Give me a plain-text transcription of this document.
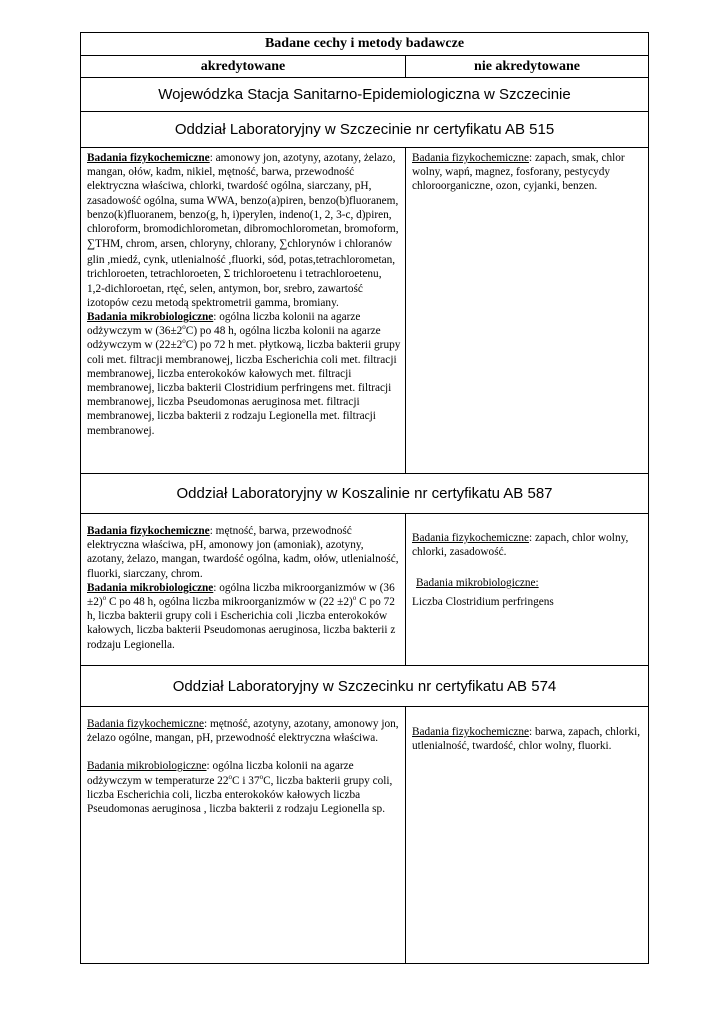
Badane cechy i metody badawcze
akredytowane	nie akredytowane
Wojewódzka Stacja Sanitarno-Epidemiologiczna w Szczecinie
Oddział Laboratoryjny w Szczecinie nr certyfikatu AB 515

Badania fizykochemiczne: amonowy jon, azotyny, azotany, żelazo, mangan, ołów, kadm, nikiel, mętność, barwa, przewodność elektryczna właściwa, chlorki, twardość ogólna, siarczany, pH, zasadowość ogólna, suma WWA, benzo(a)piren, benzo(b)fluoranem, benzo(k)fluoranem, benzo(g, h, i)perylen, indeno(1, 2, 3-c, d)piren, chloroform, bromodichlorometan, dibromochlorometan, bromoform,

∑THM, chrom, arsen, chloryny, chlorany, ∑chlorynów i chloranów

glin ,miedź, cynk, utlenialność ,fluorki, sód, potas,tetrachlorometan, trichloroeten, tetrachloroeten, Σ trichloroetenu i tetrachloroetenu, 1,2-dichloroetan, rtęć, selen, antymon, bor, srebro, zawartość izotopów cezu metodą spektrometrii gamma, bromiany.

Badania mikrobiologiczne: ogólna liczba kolonii na agarze odżywczym w $(36\pm 2^oC)$ po 48 h, ogólna liczba kolonii na agarze odżywczym w $(22\pm 2^oC)$ po 72 h met. płytkową, liczba bakterii grupy coli met. filtracji membranowej, liczba Escherichia coli met. filtracji membranowej, liczba enterokoków kałowych met. filtracji membranowej, liczba bakterii Clostridium perfringens met. filtracji membranowej, liczba Pseudomonas aeruginosa met. filtracji membranowej, liczba bakterii z rodzaju Legionella met. filtracji membranowej.

Badania fizykochemiczne: zapach, smak, chlor wolny, wapń, magnez, fosforany, pestycydy chloroorganiczne, ozon, cyjanki, benzen.

Oddział Laboratoryjny w Koszalinie nr certyfikatu AB 587

Badania fizykochemiczne: mętność, barwa, przewodność elektryczna właściwa, pH, amonowy jon (amoniak), azotyny, azotany, żelazo, mangan, twardość ogólna, kadm, ołów, utlenialność, fluorki, siarczany, chrom.

Badania mikrobiologiczne: ogólna liczba mikroorganizmów w $(36 \pm 2)^o$ C po 48 h, ogólna liczba mikroorganizmów w $(22 \pm 2)^o$ C po 72 h, liczba bakterii grupy coli i Escherichia coli ,liczba enterokoków kałowych, liczba bakterii Pseudomonas aeruginosa, liczba bakterii z rodzaju Legionella.

Badania fizykochemiczne: zapach, chlor wolny, chlorki, zasadowość.

Badania mikrobiologiczne:

Liczba Clostridium perfringens

Oddział Laboratoryjny w Szczecinku nr certyfikatu AB 574

Badania fizykochemiczne: mętność, azotyny, azotany, amonowy jon, żelazo ogólne, mangan, pH, przewodność elektryczna właściwa.

Badania mikrobiologiczne: ogólna liczba kolonii na agarze odżywczym w temperaturze 22$^o$C i 37$^o$C, liczba bakterii grupy coli, liczba Escherichia coli, liczba enterokoków kałowych liczba Pseudomonas aeruginosa , liczba bakterii z rodzaju Legionella sp.

Badania fizykochemiczne: barwa, zapach, chlorki, utlenialność, twardość, chlor wolny, fluorki.
